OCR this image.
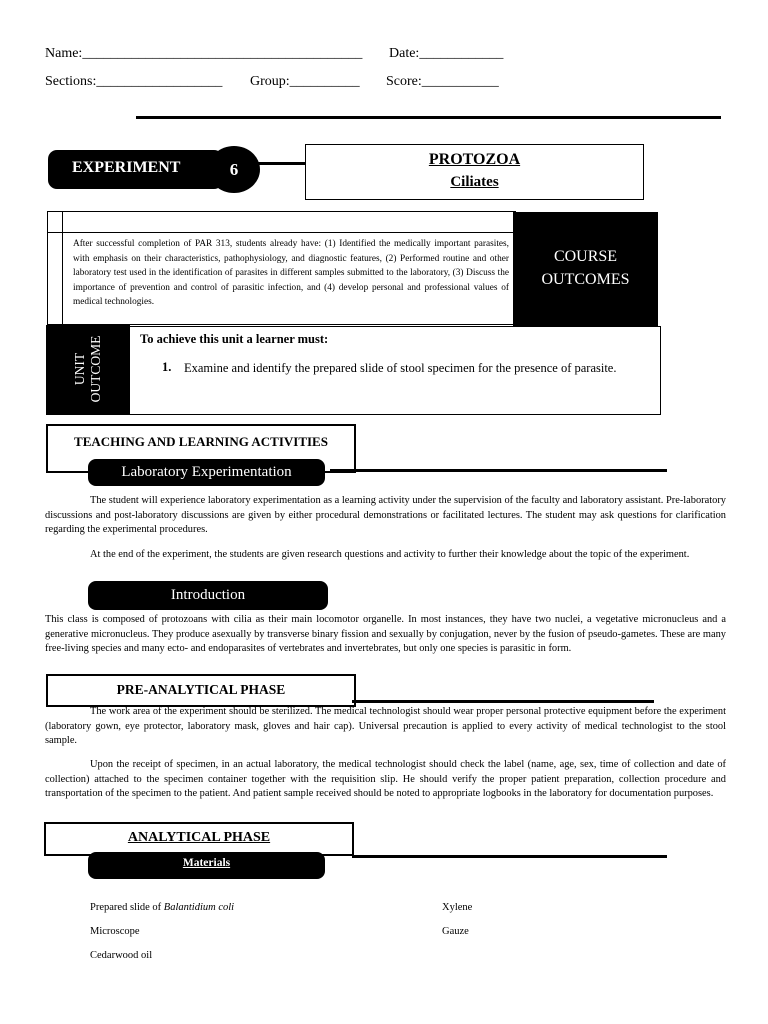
Name:________________________________________ Date:____________
Sections:__________________ Group:__________ Score:___________
EXPERIMENT	6
PROTOZOA
Ciliates
After successful completion of PAR 313, students already have: (1) Identified the medically important parasites, with emphasis on their characteristics, pathophysiology, and diagnostic features, (2) Performed routine and other laboratory test used in the identification of parasites in different samples submitted to the laboratory, (3) Discuss the importance of prevention and control of parasitic infection, and (4) develop personal and professional values of medical technologies.
COURSE
OUTCOMES
To achieve this unit a learner must:
1. Examine and identify the prepared slide of stool specimen for the presence of parasite.
UNIT OUTCOME
TEACHING AND LEARNING ACTIVITIES
Laboratory Experimentation
The student will experience laboratory experimentation as a learning activity under the supervision of the faculty and laboratory assistant. Pre-laboratory discussions and post-laboratory discussions are given by either procedural demonstrations or facilitated lectures. The student may ask questions for clarification regarding the experimental procedures.
At the end of the experiment, the students are given research questions and activity to further their knowledge about the topic of the experiment.
Introduction
This class is composed of protozoans with cilia as their main locomotor organelle. In most instances, they have two nuclei, a vegetative micronucleus and a generative micronucleus. They produce asexually by transverse binary fission and sexually by conjugation, never by the fusion of pseudo-gametes. These are many free-living species and many ecto- and endoparasites of vertebrates and invertebrates, but only one species is parasitic in form.
PRE-ANALYTICAL PHASE
The work area of the experiment should be sterilized. The medical technologist should wear proper personal protective equipment before the experiment (laboratory gown, eye protector, laboratory mask, gloves and hair cap). Universal precaution is applied to every activity of medical technologist to the stool sample.
Upon the receipt of specimen, in an actual laboratory, the medical technologist should check the label (name, age, sex, time of collection and date of collection) attached to the specimen container together with the requisition slip. He should verify the proper patient preparation, collection procedure and transportation of the specimen to the patient. And patient sample received should be noted to appropriate logbooks in the laboratory for documentation purposes.
ANALYTICAL PHASE
Materials
Prepared slide of Balantidium coli
Microscope
Cedarwood oil
Xylene
Gauze
